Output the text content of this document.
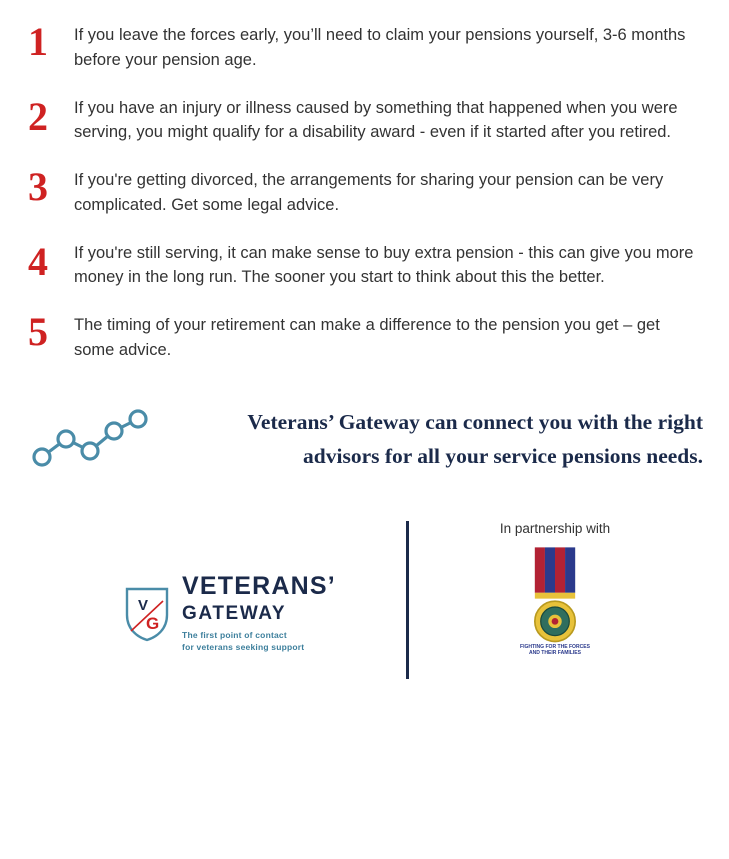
1	If you leave the forces early, you’ll need to claim your pensions yourself, 3-6 months before your pension age.
2	If you have an injury or illness caused by something that happened when you were serving, you might qualify for a disability award - even if it started after you retired.
3	If you're getting divorced, the arrangements for sharing your pension can be very complicated. Get some legal advice.
4	If you're still serving, it can make sense to buy extra pension - this can give you more money in the long run. The sooner you start to think about this the better.
5	The timing of your retirement can make a difference to the pension you get – get some advice.
Veterans’ Gateway can connect you with the right
advisors for all your service pensions needs.
V
G
VETERANS’
GATEWAY
The first point of contact
for veterans seeking support
In partnership with
FIGHTING FOR THE FORCES
AND THEIR FAMILIES
